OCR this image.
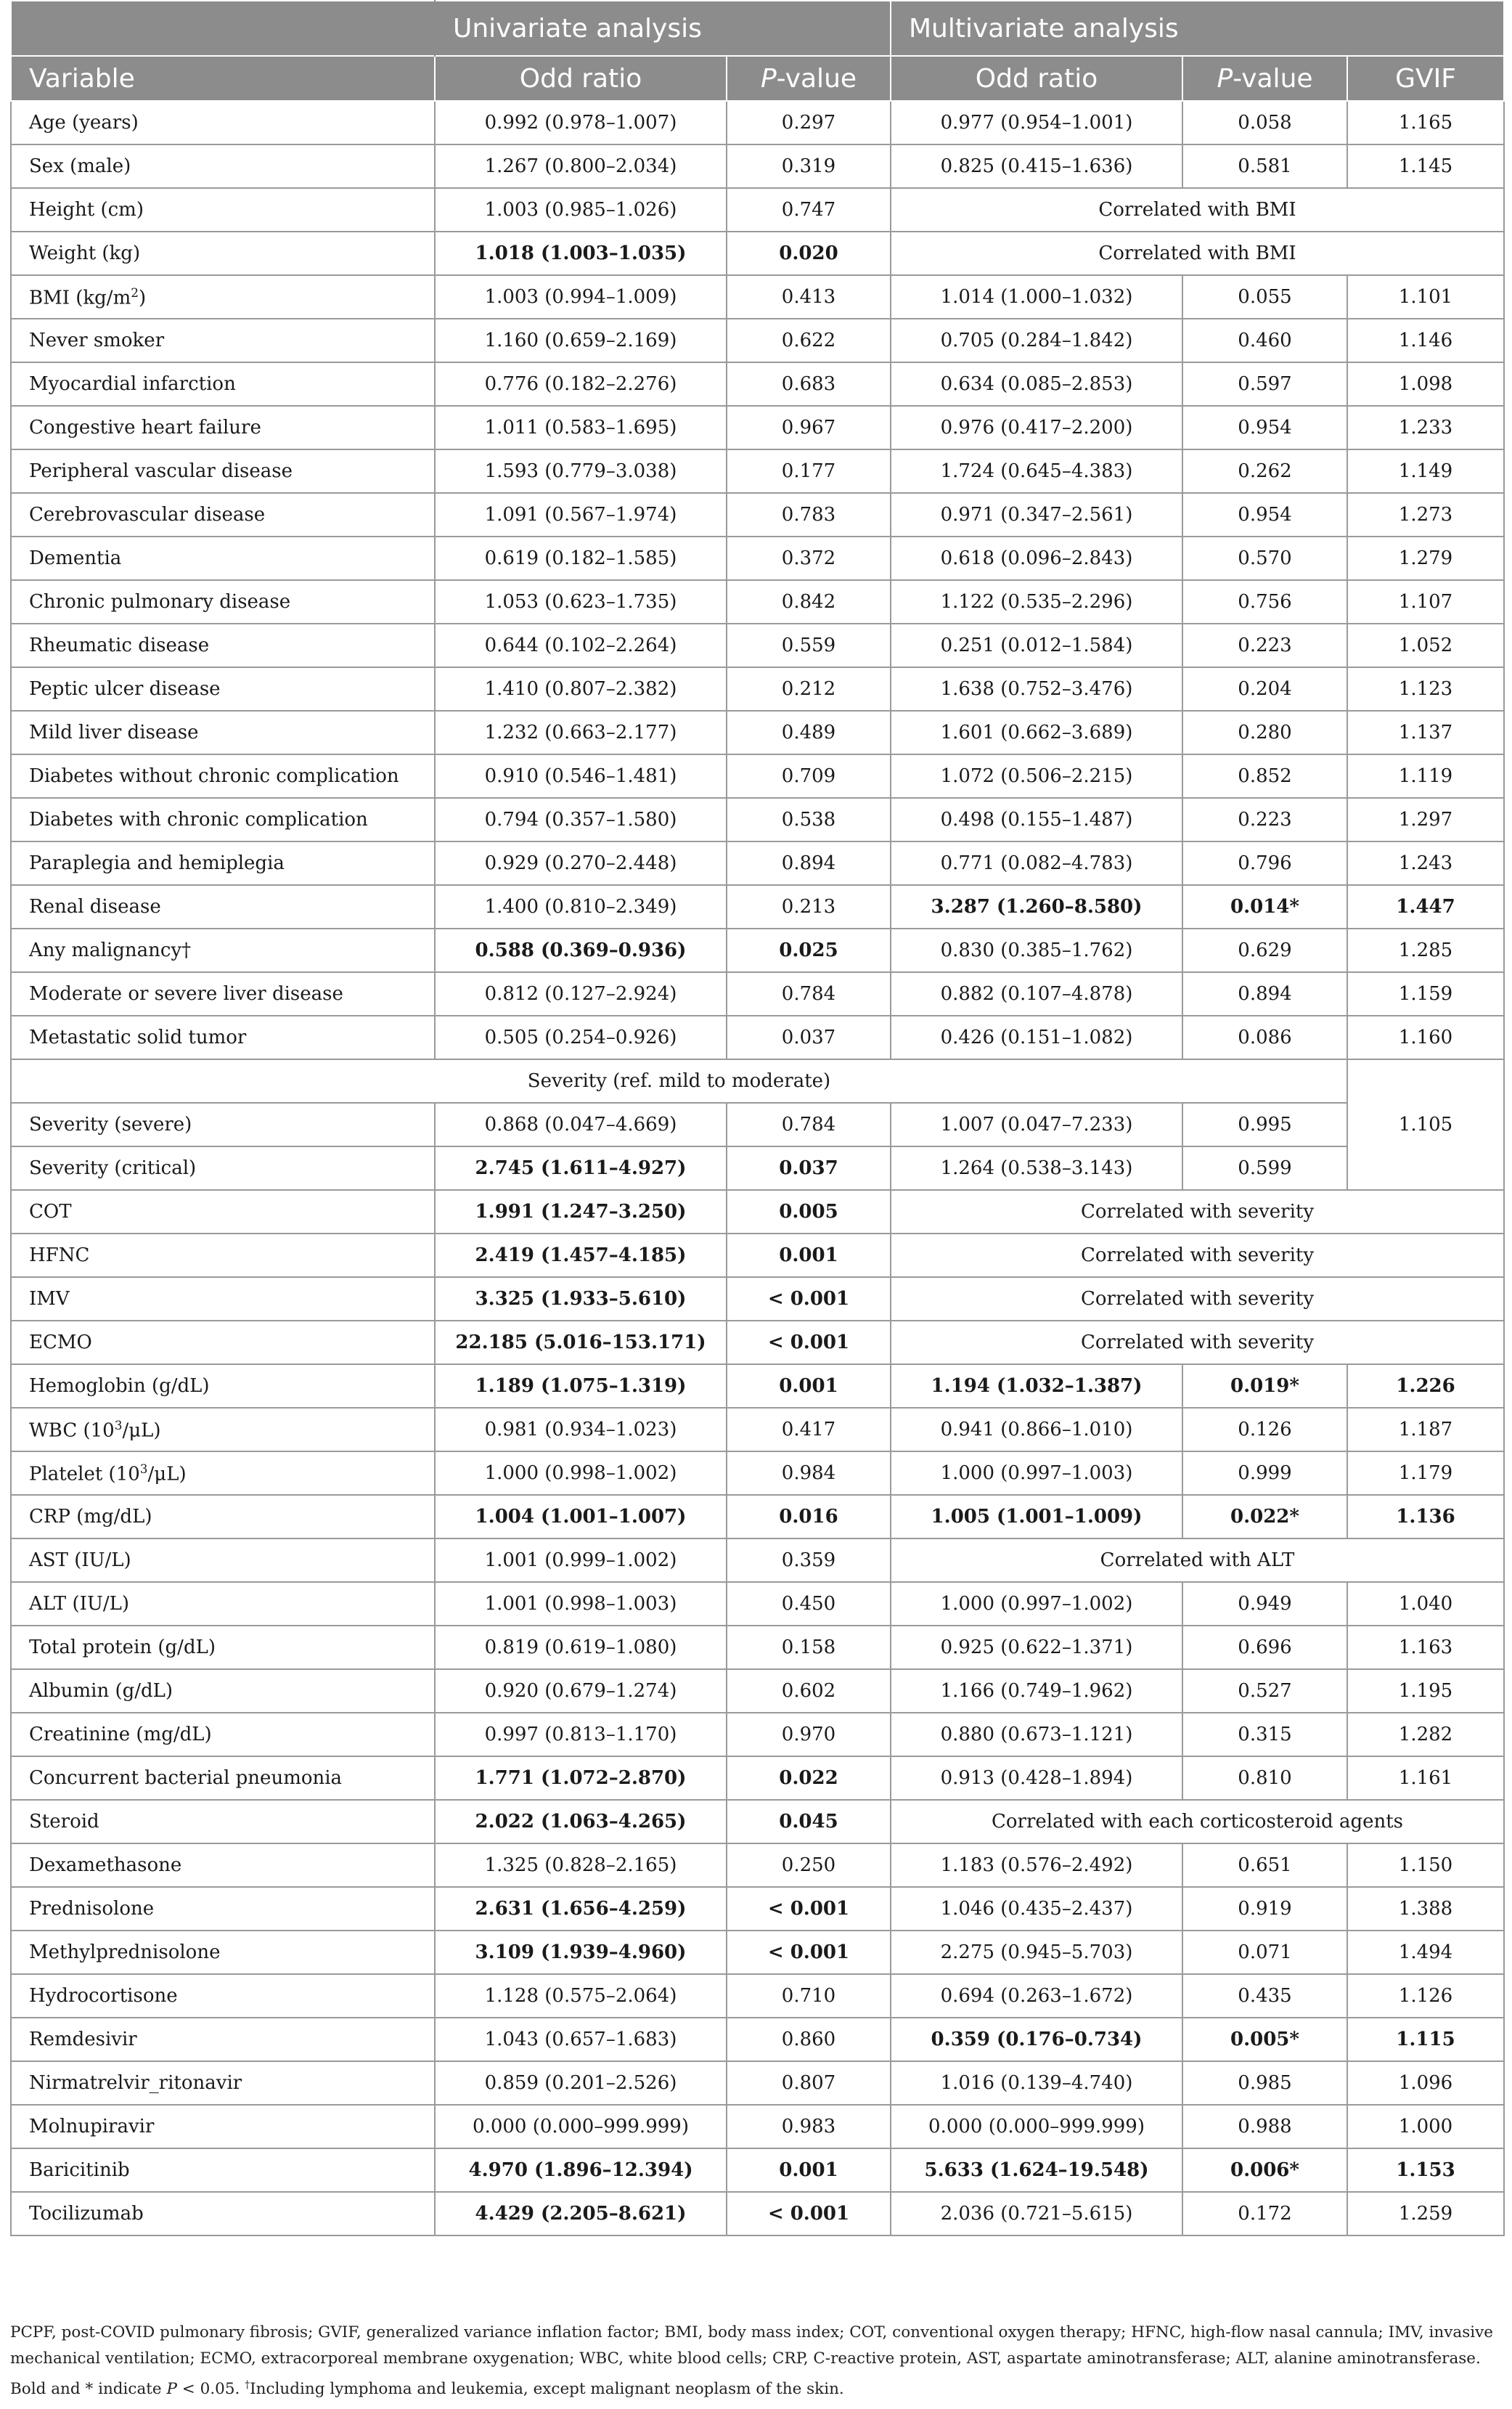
	Univariate analysis		Multivariate analysis		
Variable	Odd ratio	P-value	Odd ratio	P-value	GVIF
Age (years)	0.992 (0.978–1.007)	0.297	0.977 (0.954–1.001)	0.058	1.165
Sex (male)	1.267 (0.800–2.034)	0.319	0.825 (0.415–1.636)	0.581	1.145
Height (cm)	1.003 (0.985–1.026)	0.747	Correlated with BMI		
Weight (kg)	1.018 (1.003–1.035)	0.020	Correlated with BMI		
BMI $(kg/m^2)$	1.003 (0.994–1.009)	0.413	1.014 (1.000–1.032)	0.055	1.101
Never smoker	1.160 (0.659–2.169)	0.622	0.705 (0.284–1.842)	0.460	1.146
Myocardial infarction	0.776 (0.182–2.276)	0.683	0.634 (0.085–2.853)	0.597	1.098
Congestive heart failure	1.011 (0.583–1.695)	0.967	0.976 (0.417–2.200)	0.954	1.233
Peripheral vascular disease	1.593 (0.779–3.038)	0.177	1.724 (0.645–4.383)	0.262	1.149
Cerebrovascular disease	1.091 (0.567–1.974)	0.783	0.971 (0.347–2.561)	0.954	1.273
Dementia	0.619 (0.182–1.585)	0.372	0.618 (0.096–2.843)	0.570	1.279
Chronic pulmonary disease	1.053 (0.623–1.735)	0.842	1.122 (0.535–2.296)	0.756	1.107
Rheumatic disease	0.644 (0.102–2.264)	0.559	0.251 (0.012–1.584)	0.223	1.052
Peptic ulcer disease	1.410 (0.807–2.382)	0.212	1.638 (0.752–3.476)	0.204	1.123
Mild liver disease	1.232 (0.663–2.177)	0.489	1.601 (0.662–3.689)	0.280	1.137
Diabetes without chronic complication	0.910 (0.546–1.481)	0.709	1.072 (0.506–2.215)	0.852	1.119
Diabetes with chronic complication	0.794 (0.357–1.580)	0.538	0.498 (0.155–1.487)	0.223	1.297
Paraplegia and hemiplegia	0.929 (0.270–2.448)	0.894	0.771 (0.082–4.783)	0.796	1.243
Renal disease	1.400 (0.810–2.349)	0.213	3.287 (1.260–8.580)	0.014*	1.447
Any malignancy†	0.588 (0.369–0.936)	0.025	0.830 (0.385–1.762)	0.629	1.285
Moderate or severe liver disease	0.812 (0.127–2.924)	0.784	0.882 (0.107–4.878)	0.894	1.159
Metastatic solid tumor	0.505 (0.254–0.926)	0.037	0.426 (0.151–1.082)	0.086	1.160
Severity (ref. mild to moderate)					1.105
Severity (severe)	0.868 (0.047–4.669)	0.784	1.007 (0.047–7.233)	0.995	
Severity (critical)	2.745 (1.611–4.927)	0.037	1.264 (0.538–3.143)	0.599	
COT	1.991 (1.247–3.250)	0.005	Correlated with severity		
HFNC	2.419 (1.457–4.185)	0.001	Correlated with severity		
IMV	3.325 (1.933–5.610)	< 0.001	Correlated with severity		
ECMO	22.185 (5.016–153.171)	< 0.001	Correlated with severity		
Hemoglobin (g/dL)	1.189 (1.075–1.319)	0.001	1.194 (1.032–1.387)	0.019*	1.226
WBC $(10^3/\mu L)$	0.981 (0.934–1.023)	0.417	0.941 (0.866–1.010)	0.126	1.187
Platelet $(10^3/\mu L)$	1.000 (0.998–1.002)	0.984	1.000 (0.997–1.003)	0.999	1.179
CRP (mg/dL)	1.004 (1.001–1.007)	0.016	1.005 (1.001–1.009)	0.022*	1.136
AST (IU/L)	1.001 (0.999–1.002)	0.359	Correlated with ALT		
ALT (IU/L)	1.001 (0.998–1.003)	0.450	1.000 (0.997–1.002)	0.949	1.040
Total protein (g/dL)	0.819 (0.619–1.080)	0.158	0.925 (0.622–1.371)	0.696	1.163
Albumin (g/dL)	0.920 (0.679–1.274)	0.602	1.166 (0.749–1.962)	0.527	1.195
Creatinine (mg/dL)	0.997 (0.813–1.170)	0.970	0.880 (0.673–1.121)	0.315	1.282
Concurrent bacterial pneumonia	1.771 (1.072–2.870)	0.022	0.913 (0.428–1.894)	0.810	1.161
Steroid	2.022 (1.063–4.265)	0.045	Correlated with each corticosteroid agents		
Dexamethasone	1.325 (0.828–2.165)	0.250	1.183 (0.576–2.492)	0.651	1.150
Prednisolone	2.631 (1.656–4.259)	< 0.001	1.046 (0.435–2.437)	0.919	1.388
Methylprednisolone	3.109 (1.939–4.960)	< 0.001	2.275 (0.945–5.703)	0.071	1.494
Hydrocortisone	1.128 (0.575–2.064)	0.710	0.694 (0.263–1.672)	0.435	1.126
Remdesivir	1.043 (0.657–1.683)	0.860	0.359 (0.176–0.734)	0.005*	1.115
Nirmatrelvir_ritonavir	0.859 (0.201–2.526)	0.807	1.016 (0.139–4.740)	0.985	1.096
Molnupiravir	0.000 (0.000–999.999)	0.983	0.000 (0.000–999.999)	0.988	1.000
Baricitinib	4.970 (1.896–12.394)	0.001	5.633 (1.624–19.548)	0.006*	1.153
Tocilizumab	4.429 (2.205–8.621)	< 0.001	2.036 (0.721–5.615)	0.172	1.259

PCPF, post-COVID pulmonary fibrosis; GVIF, generalized variance inflation factor; BMI, body mass index; COT, conventional oxygen therapy; HFNC, high-flow nasal cannula; IMV, invasive

mechanical ventilation; ECMO, extracorporeal membrane oxygenation; WBC, white blood cells; CRP, C-reactive protein, AST, aspartate aminotransferase; ALT, alanine aminotransferase.

Bold and * indicate P < 0.05. †Including lymphoma and leukemia, except malignant neoplasm of the skin.
